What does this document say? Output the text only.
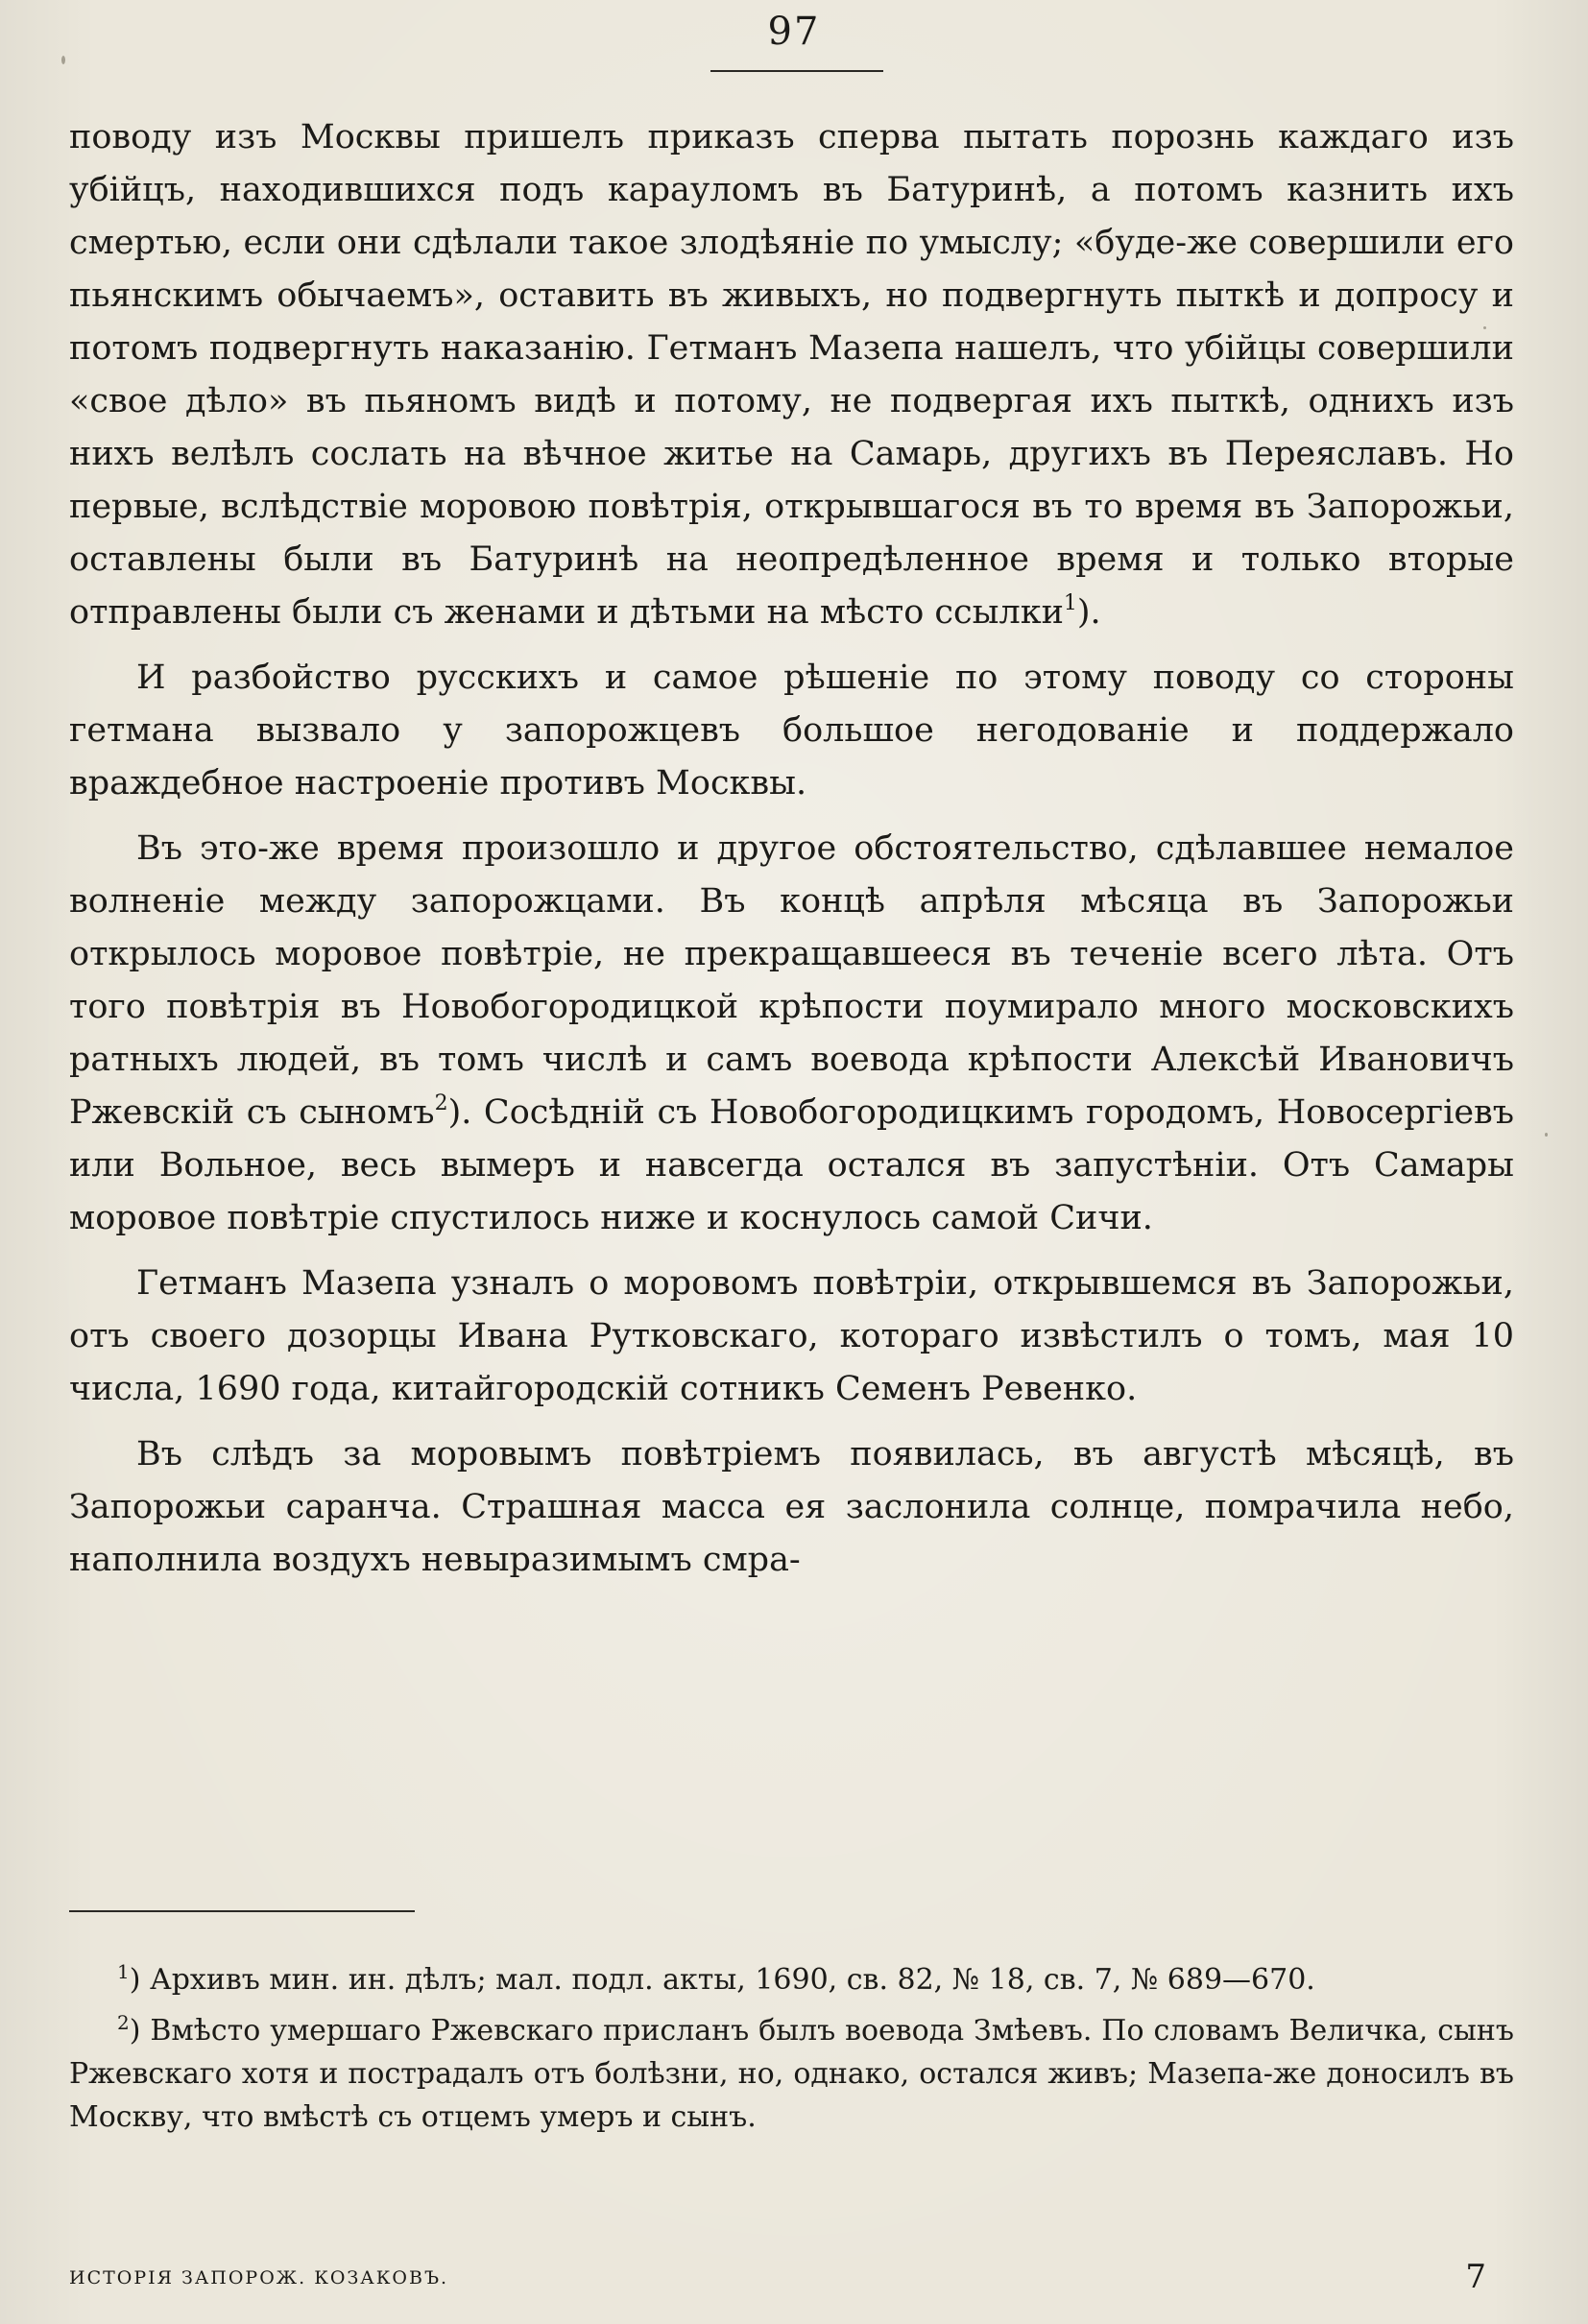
97

поводу изъ Москвы пришелъ приказъ сперва пытать порознь каждаго изъ убійцъ, находившихся подъ карауломъ въ Батуринѣ, а потомъ казнить ихъ смертью, если они сдѣлали такое злодѣяніе по умыслу; «буде-же совершили его пьянскимъ обычаемъ», оставить въ живыхъ, но подвергнуть пыткѣ и допросу и потомъ подвергнуть наказанію. Гетманъ Мазепа нашелъ, что убійцы совершили «свое дѣло» въ пьяномъ видѣ и потому, не подвергая ихъ пыткѣ, однихъ изъ нихъ велѣлъ сослать на вѣчное житье на Самарь, другихъ въ Переяславъ. Но первые, вслѣдствіе моровою повѣтрія, открывшагося въ то время въ Запорожьи, оставлены были въ Батуринѣ на неопредѣленное время и только вторые отправлены были съ женами и дѣтьми на мѣсто ссылки$^1$).

И разбойство русскихъ и самое рѣшеніе по этому поводу со стороны гетмана вызвало у запорожцевъ большое негодованіе и поддержало враждебное настроеніе противъ Москвы.

Въ это-же время произошло и другое обстоятельство, сдѣлавшее немалое волненіе между запорожцами. Въ концѣ апрѣля мѣсяца въ Запорожьи открылось моровое повѣтріе, не прекращавшееся въ теченіе всего лѣта. Отъ того повѣтрія въ Новобогородицкой крѣпости поумирало много московскихъ ратныхъ людей, въ томъ числѣ и самъ воевода крѣпости Алексѣй Ивановичъ Ржевскій съ сыномъ$^2$). Сосѣдній съ Новобогородицкимъ городомъ, Новосергіевъ или Вольное, весь вымеръ и навсегда остался въ запустѣніи. Отъ Самары моровое повѣтріе спустилось ниже и коснулось самой Сичи.

Гетманъ Мазепа узналъ о моровомъ повѣтріи, открывшемся въ Запорожьи, отъ своего дозорцы Ивана Рутковскаго, котораго извѣстилъ о томъ, мая 10 числа, 1690 года, китайгородскій сотникъ Семенъ Ревенко.

Въ слѣдъ за моровымъ повѣтріемъ появилась, въ августѣ мѣсяцѣ, въ Запорожьи саранча. Страшная масса ея заслонила солнце, помрачила небо, наполнила воздухъ невыразимымъ смра-

$^1$) Архивъ мин. ин. дѣлъ; мал. подл. акты, 1690, св. 82, № 18, св. 7, № 689—670.

$^2$) Вмѣсто умершаго Ржевскаго присланъ былъ воевода Змѣевъ. По словамъ Величка, сынъ Ржевскаго хотя и пострадалъ отъ болѣзни, но, однако, остался живъ; Мазепа-же доносилъ въ Москву, что вмѣстѣ съ отцемъ умеръ и сынъ.

ИСТОРІЯ ЗАПОРОЖ. КОЗАКОВЪ.	7
